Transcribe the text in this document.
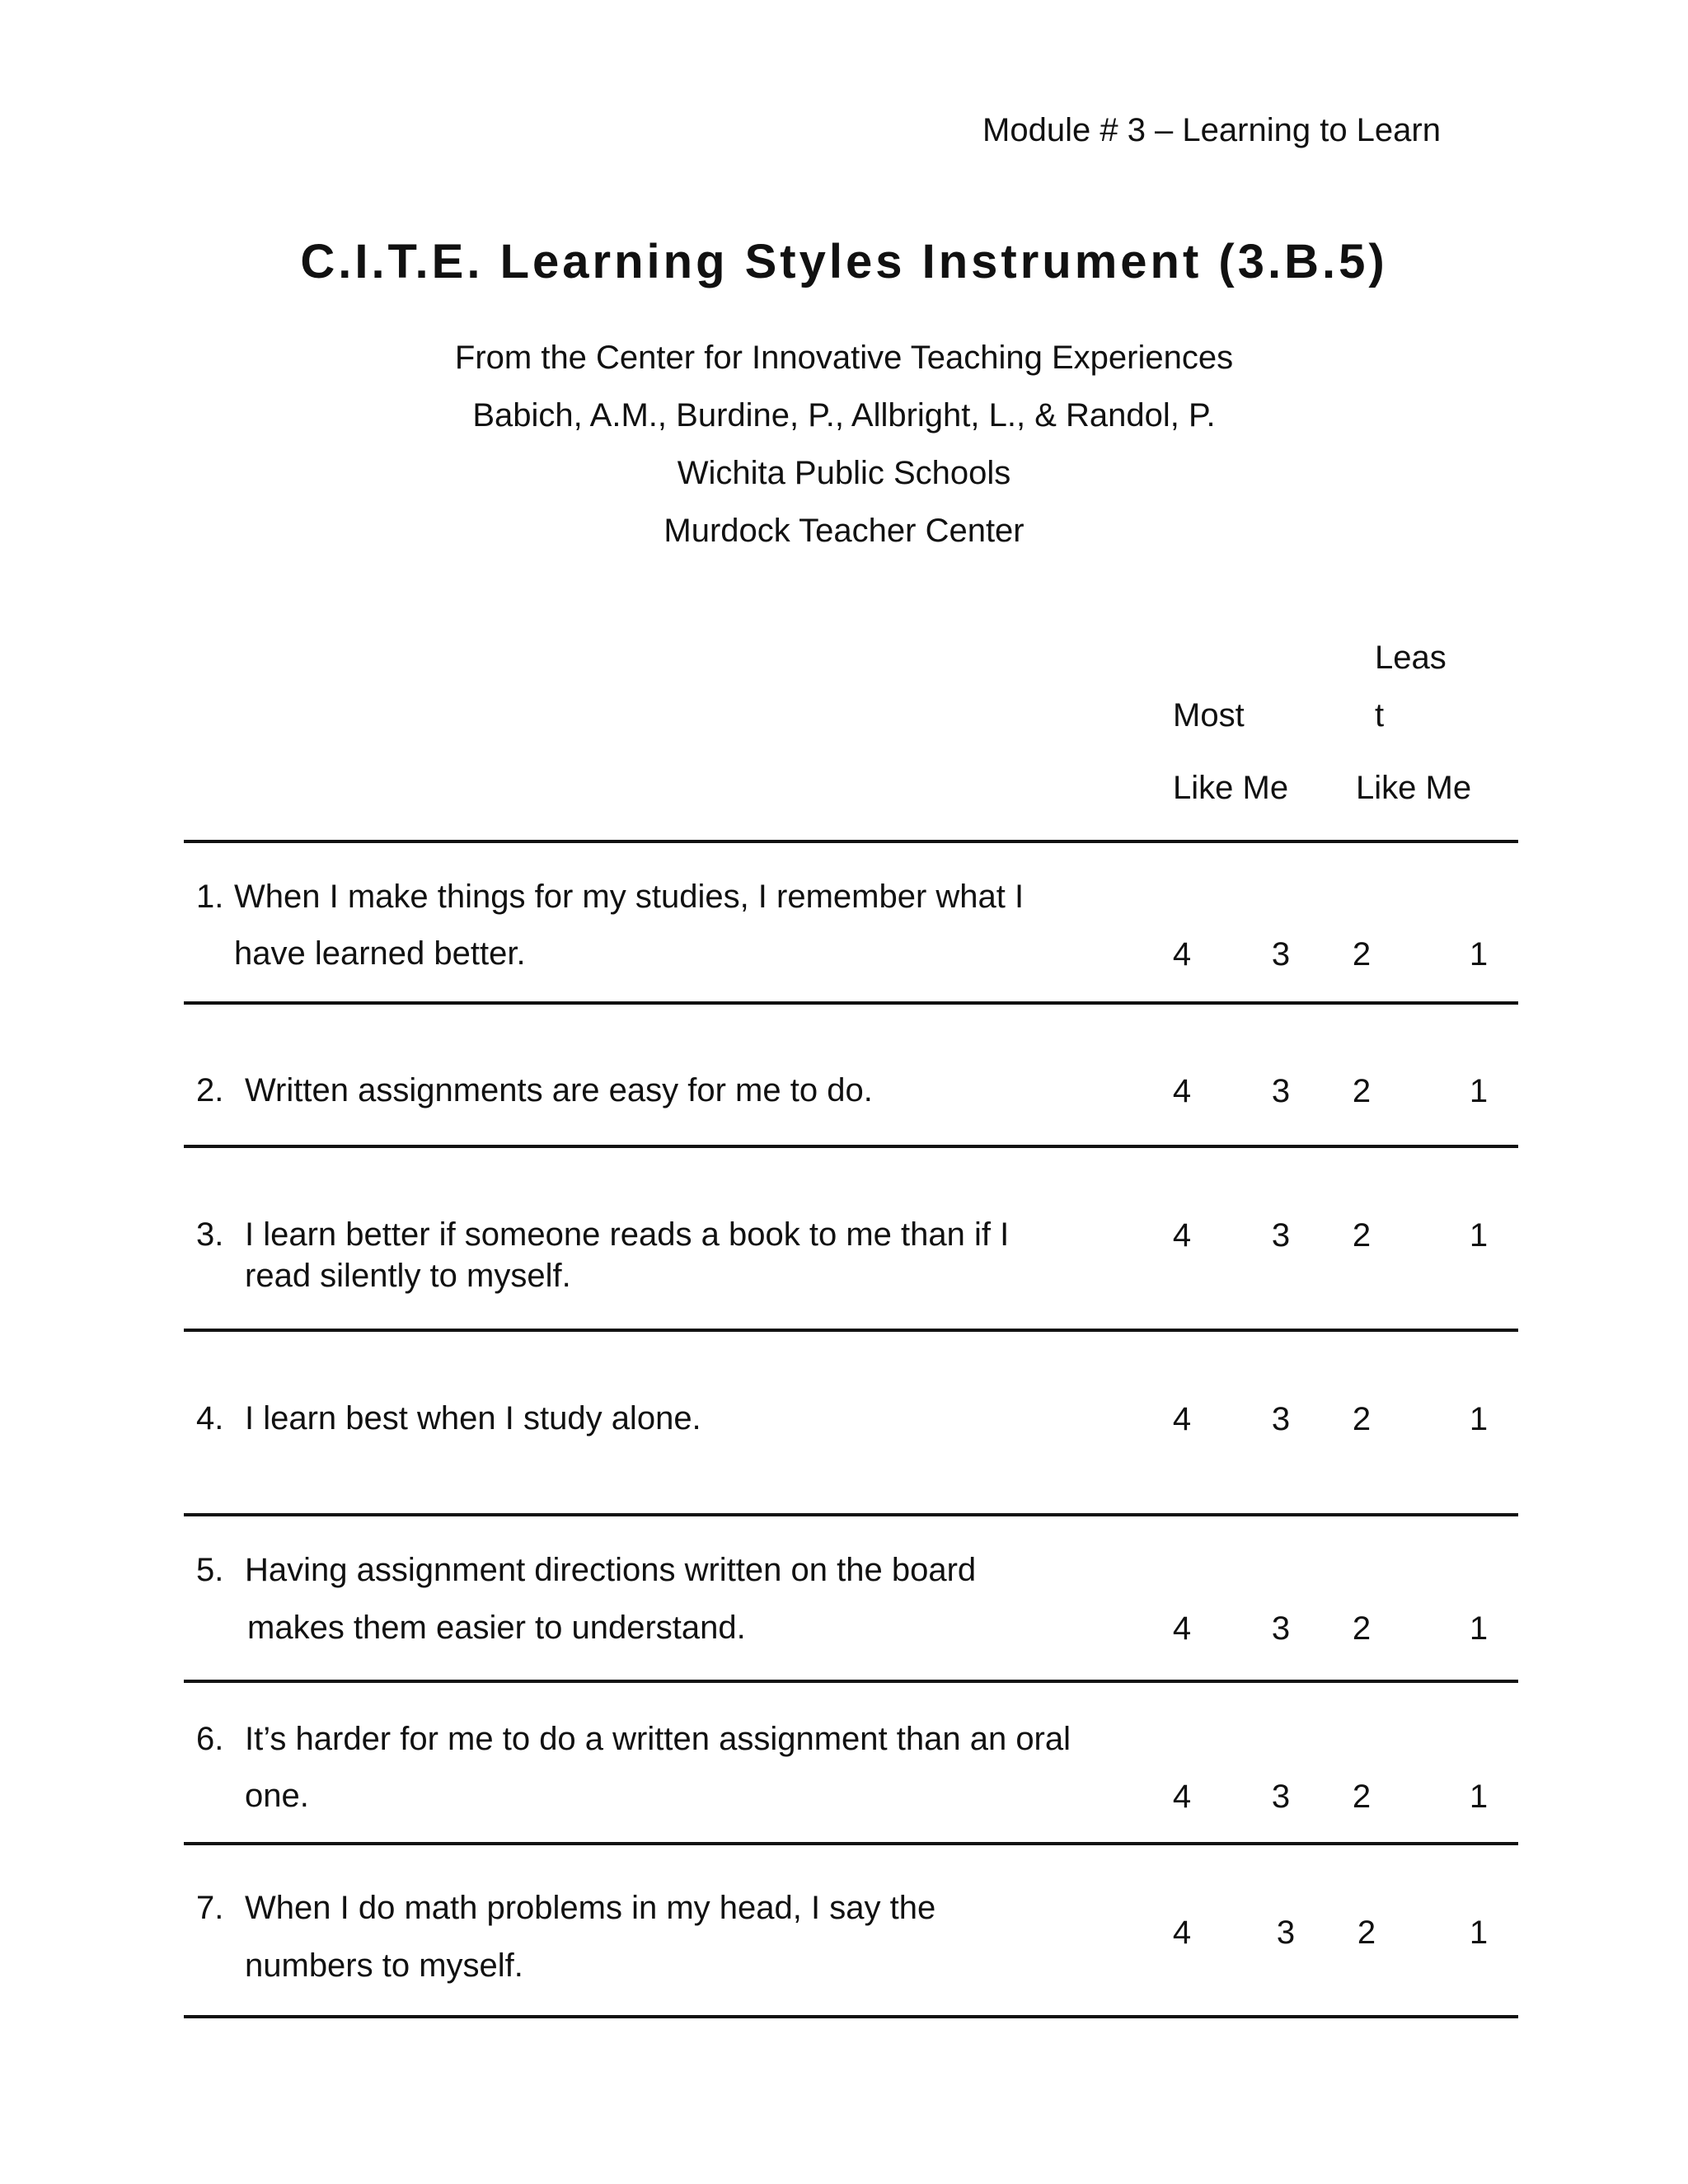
Module # 3 – Learning to Learn
C.I.T.E. Learning Styles Instrument (3.B.5)
From the Center for Innovative Teaching Experiences
Babich, A.M., Burdine, P., Allbright, L., & Randol, P.
Wichita Public Schools
Murdock Teacher Center
Most
Like Me
Leas
t
Like Me
1. When I make things for my studies, I remember what I
have learned better.	4 3 2	1
2. Written assignments are easy for me to do.	4 3 2	1
3. I learn better if someone reads a book to me than if I
read silently to myself.
4 3 2	1
4. I learn best when I study alone.	4 3 2	1
5. Having assignment directions written on the board
makes them easier to understand.	4 3 2	1
6. It’s harder for me to do a written assignment than an oral
one.	4 3 2	1
7. When I do math problems in my head, I say the
numbers to myself.
4	3 2	1
